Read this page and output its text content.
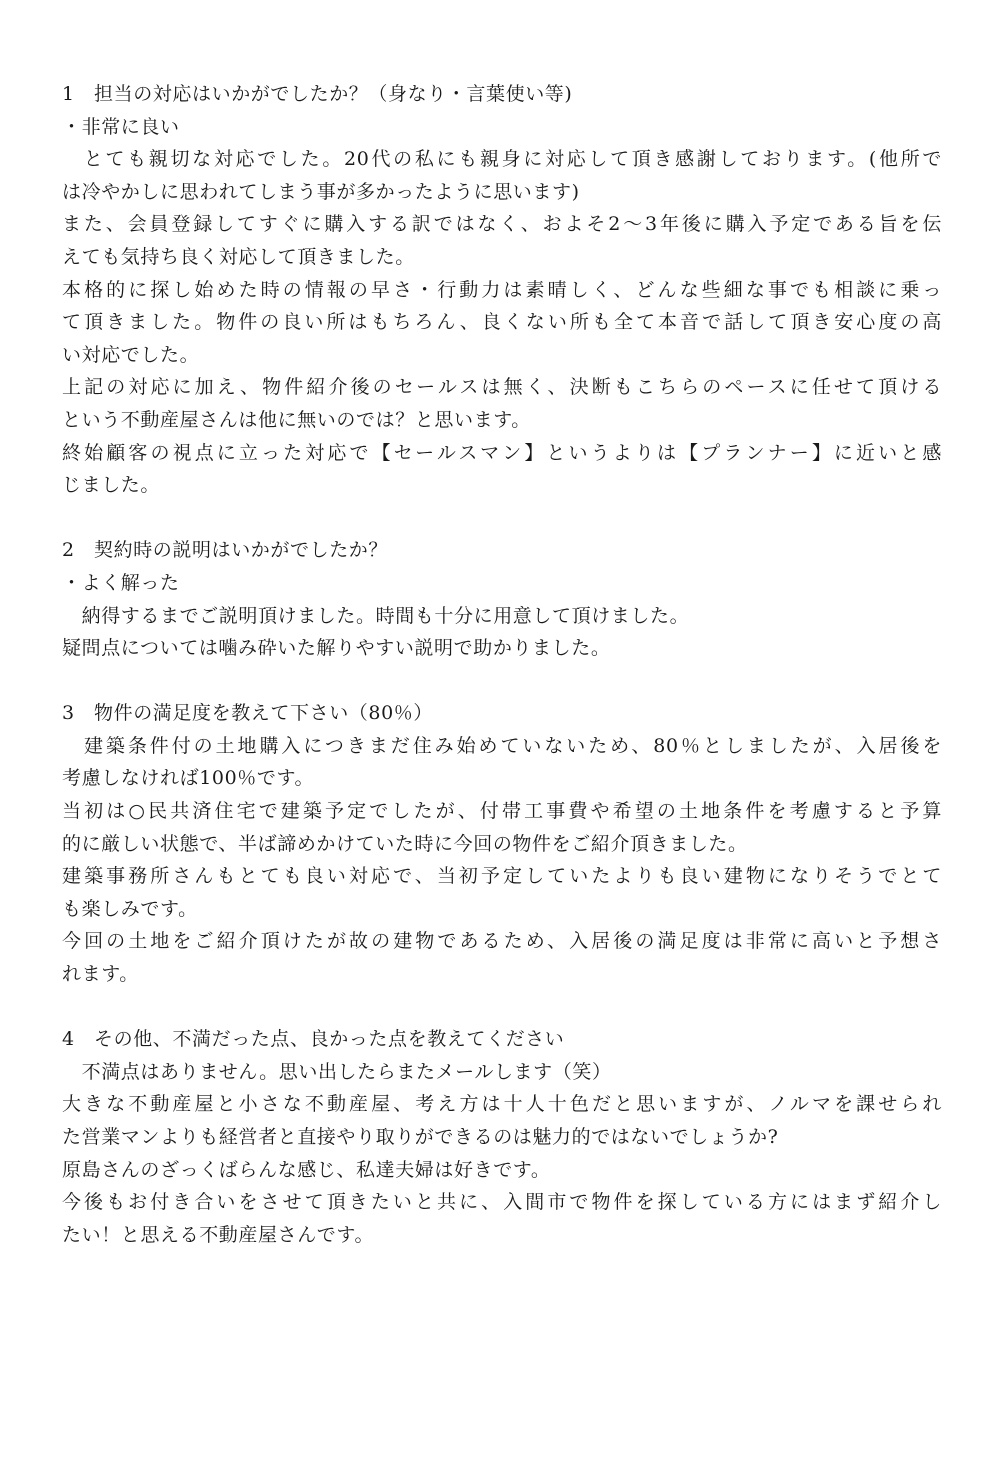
1 担当の対応はいかがでしたか？（身なり・言葉使い等)
・非常に良い
　とても親切な対応でした。20代の私にも親身に対応して頂き感謝しております。(他所で
は冷やかしに思われてしまう事が多かったように思います)
また、会員登録してすぐに購入する訳ではなく、およそ2〜3年後に購入予定である旨を伝
えても気持ち良く対応して頂きました。
本格的に探し始めた時の情報の早さ・行動力は素晴しく、どんな些細な事でも相談に乗っ
て頂きました。物件の良い所はもちろん、良くない所も全て本音で話して頂き安心度の高
い対応でした。
上記の対応に加え、物件紹介後のセールスは無く、決断もこちらのペースに任せて頂ける
という不動産屋さんは他に無いのでは？と思います。
終始顧客の視点に立った対応で【セールスマン】というよりは【プランナー】に近いと感
じました。
2 契約時の説明はいかがでしたか？
・よく解った
　納得するまでご説明頂けました。時間も十分に用意して頂けました。
疑問点については噛み砕いた解りやすい説明で助かりました。
3 物件の満足度を教えて下さい（80％）
　建築条件付の土地購入につきまだ住み始めていないため、80％としましたが、入居後を
考慮しなければ100％です。
当初は○民共済住宅で建築予定でしたが、付帯工事費や希望の土地条件を考慮すると予算
的に厳しい状態で、半ば諦めかけていた時に今回の物件をご紹介頂きました。
建築事務所さんもとても良い対応で、当初予定していたよりも良い建物になりそうでとて
も楽しみです。
今回の土地をご紹介頂けたが故の建物であるため、入居後の満足度は非常に高いと予想さ
れます。
4 その他、不満だった点、良かった点を教えてください
　不満点はありません。思い出したらまたメールします（笑）
大きな不動産屋と小さな不動産屋、考え方は十人十色だと思いますが、ノルマを課せられ
た営業マンよりも経営者と直接やり取りができるのは魅力的ではないでしょうか?
原島さんのざっくばらんな感じ、私達夫婦は好きです。
今後もお付き合いをさせて頂きたいと共に、入間市で物件を探している方にはまず紹介し
たい！と思える不動産屋さんです。
